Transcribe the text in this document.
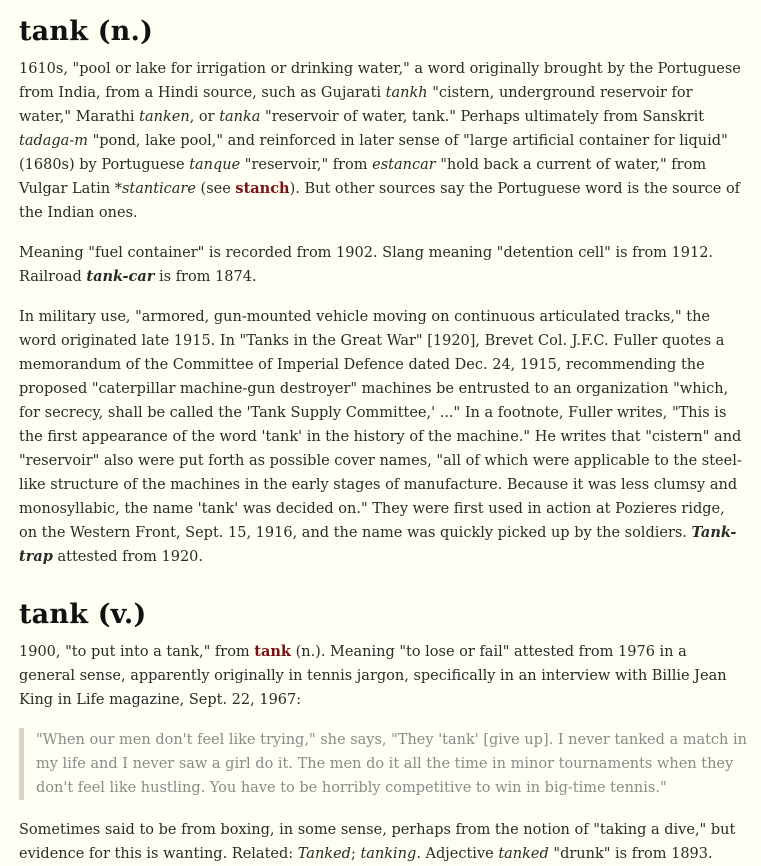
tank (n.)

1610s, "pool or lake for irrigation or drinking water," a word originally brought by the Portuguese from India, from a Hindi source, such as Gujarati tankh "cistern, underground reservoir for water," Marathi tanken, or tanka "reservoir of water, tank." Perhaps ultimately from Sanskrit tadaga-m "pond, lake pool," and reinforced in later sense of "large artificial container for liquid" (1680s) by Portuguese tanque "reservoir," from estancar "hold back a current of water," from Vulgar Latin *stanticare (see stanch). But other sources say the Portuguese word is the source of the Indian ones.

Meaning "fuel container" is recorded from 1902. Slang meaning "detention cell" is from 1912. Railroad tank-car is from 1874.

In military use, "armored, gun-mounted vehicle moving on continuous articulated tracks," the word originated late 1915. In "Tanks in the Great War" [1920], Brevet Col. J.F.C. Fuller quotes a memorandum of the Committee of Imperial Defence dated Dec. 24, 1915, recommending the proposed "caterpillar machine-gun destroyer" machines be entrusted to an organization "which, for secrecy, shall be called the 'Tank Supply Committee,' ..." In a footnote, Fuller writes, "This is the first appearance of the word 'tank' in the history of the machine." He writes that "cistern" and "reservoir" also were put forth as possible cover names, "all of which were applicable to the steel-like structure of the machines in the early stages of manufacture. Because it was less clumsy and monosyllabic, the name 'tank' was decided on." They were first used in action at Pozieres ridge, on the Western Front, Sept. 15, 1916, and the name was quickly picked up by the soldiers. Tank-trap attested from 1920.

tank (v.)

1900, "to put into a tank," from tank (n.). Meaning "to lose or fail" attested from 1976 in a general sense, apparently originally in tennis jargon, specifically in an interview with Billie Jean King in Life magazine, Sept. 22, 1967:

"When our men don't feel like trying," she says, "They 'tank' [give up]. I never tanked a match in my life and I never saw a girl do it. The men do it all the time in minor tournaments when they don't feel like hustling. You have to be horribly competitive to win in big-time tennis."

Sometimes said to be from boxing, in some sense, perhaps from the notion of "taking a dive," but evidence for this is wanting. Related: Tanked; tanking. Adjective tanked "drunk" is from 1893.
